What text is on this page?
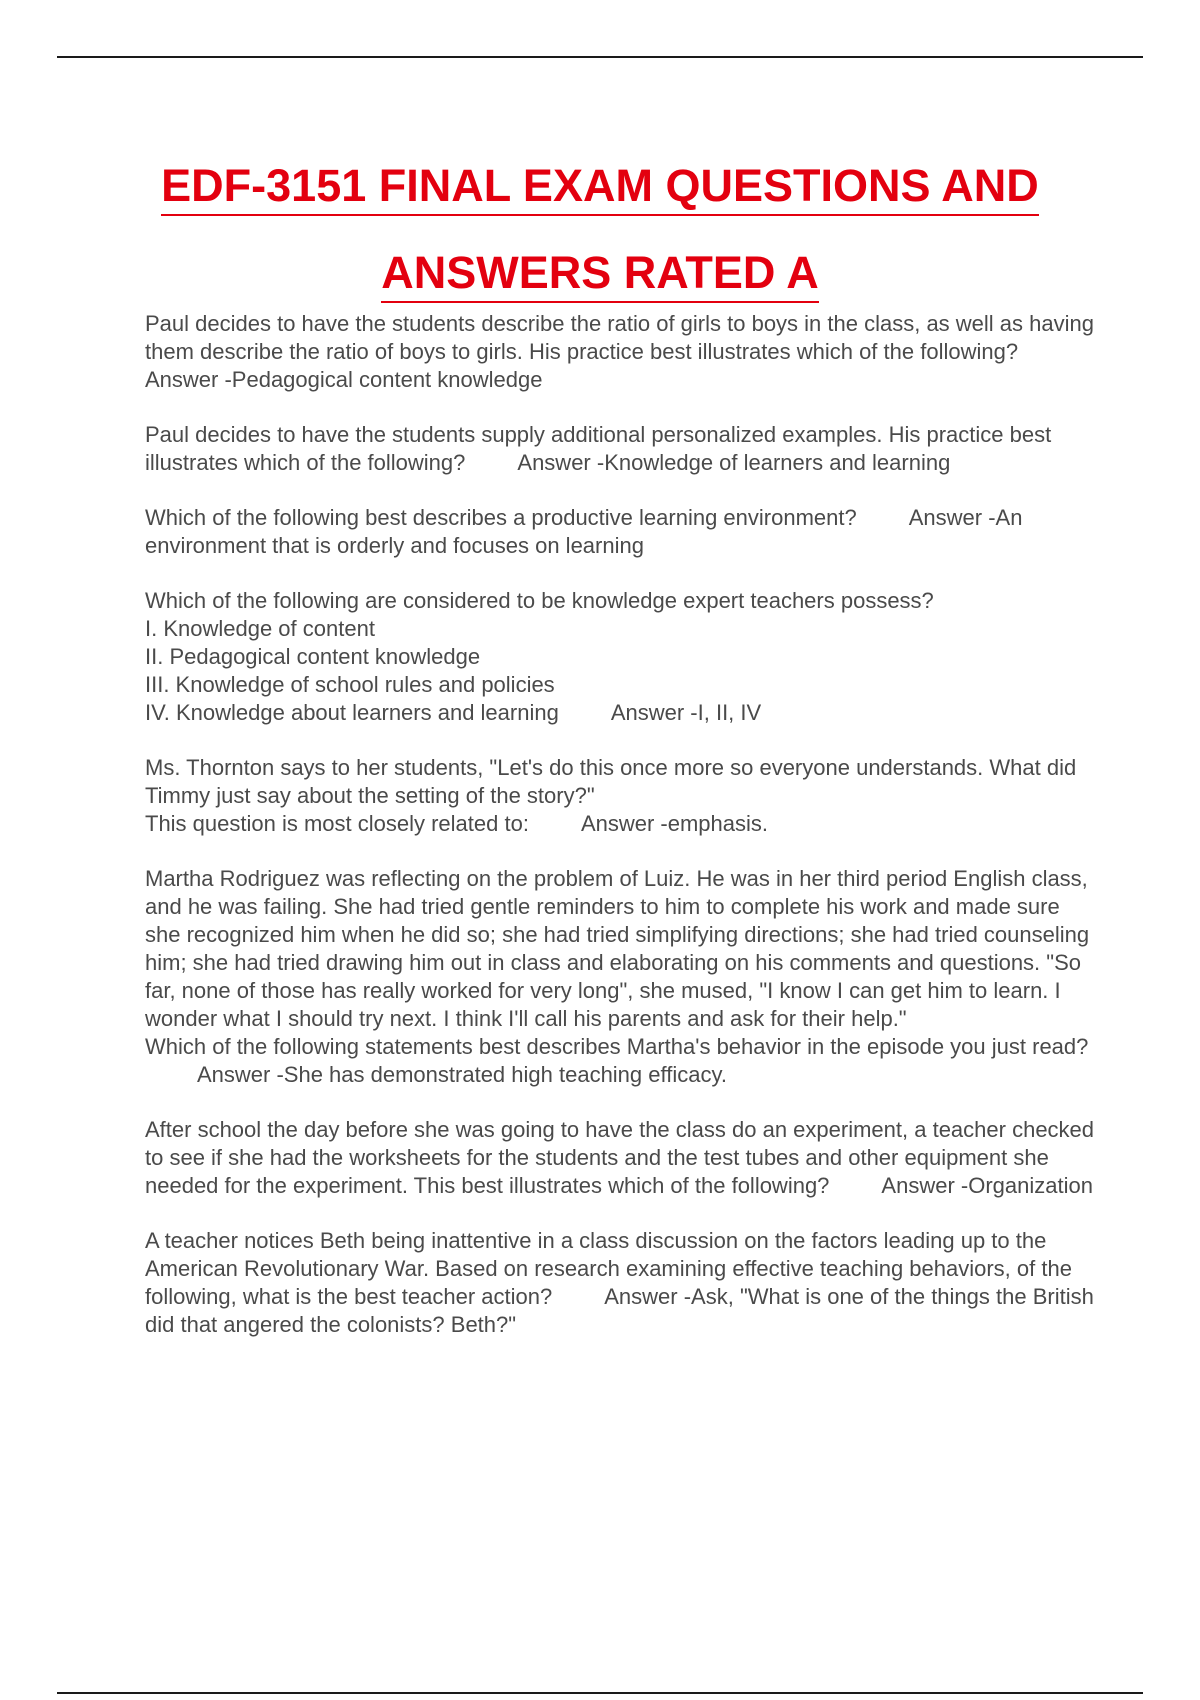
EDF-3151 FINAL EXAM QUESTIONS AND
ANSWERS RATED A

Paul decides to have the students describe the ratio of girls to boys in the class, as well as having them describe the ratio of boys to girls. His practice best illustrates which of the following?Answer -Pedagogical content knowledge

Paul decides to have the students supply additional personalized examples. His practice best illustrates which of the following? Answer -Knowledge of learners and learning

Which of the following best describes a productive learning environment? Answer -An environment that is orderly and focuses on learning

Which of the following are considered to be knowledge expert teachers possess?

I. Knowledge of content

II. Pedagogical content knowledge

III. Knowledge of school rules and policies

IV. Knowledge about learners and learning Answer -I, II, IV

Ms. Thornton says to her students, "Let's do this once more so everyone understands. What did Timmy just say about the setting of the story?"

This question is most closely related to: Answer -emphasis.

Martha Rodriguez was reflecting on the problem of Luiz. He was in her third period English class, and he was failing. She had tried gentle reminders to him to complete his work and made sure she recognized him when he did so; she had tried simplifying directions; she had tried counseling him; she had tried drawing him out in class and elaborating on his comments and questions. "So far, none of those has really worked for very long", she mused, "I know I can get him to learn. I wonder what I should try next. I think I'll call his parents and ask for their help."

Which of the following statements best describes Martha's behavior in the episode you just read?Answer -She has demonstrated high teaching efficacy.

After school the day before she was going to have the class do an experiment, a teacher checked to see if she had the worksheets for the students and the test tubes and other equipment she needed for the experiment. This best illustrates which of the following? Answer -Organization

A teacher notices Beth being inattentive in a class discussion on the factors leading up to the American Revolutionary War. Based on research examining effective teaching behaviors, of the following, what is the best teacher action? Answer -Ask, "What is one of the things the British did that angered the colonists? Beth?"
